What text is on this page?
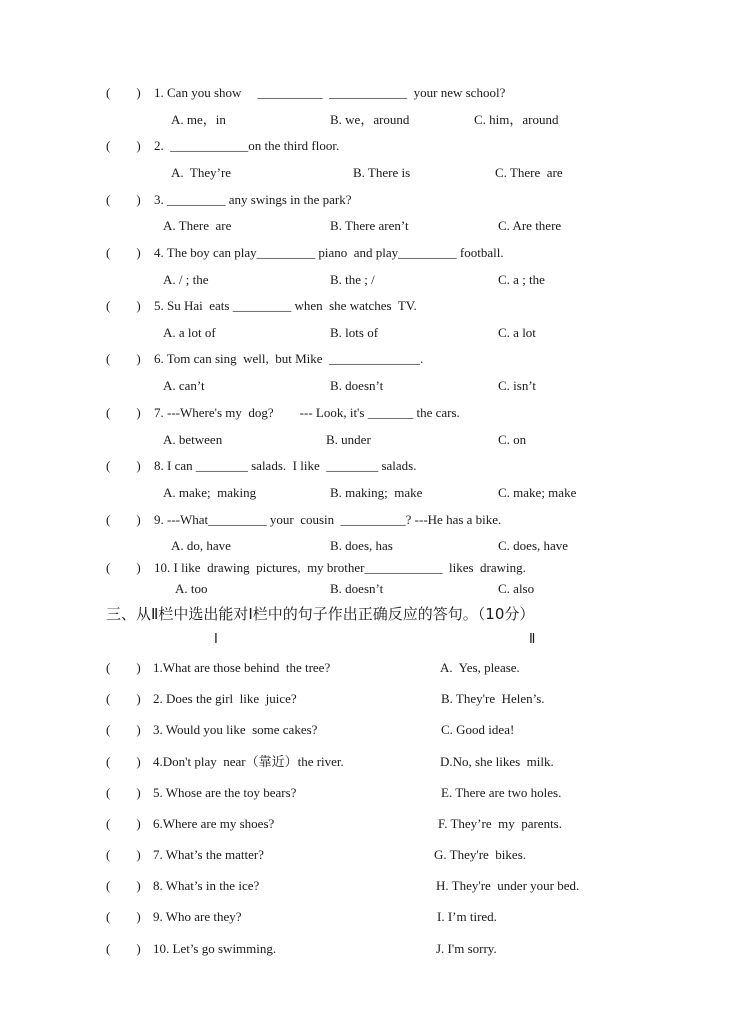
(        ) 1. Can you show     __________  ____________  your new school?
A. me，in	B. we，around	C. him，around
(        ) 2.  ____________on the third floor.
A.  They’re	B. There is	C. There  are
(        ) 3. _________ any swings in the park?
A. There  are	B. There aren’t	C. Are there
(        ) 4. The boy can play_________ piano  and play_________ football.
A. / ; the	B. the ; /	C. a ; the
(        ) 5. Su Hai  eats _________ when  she watches  TV.
A. a lot of	B. lots of	C. a lot
(        ) 6. Tom can sing  well,  but Mike  ______________.
A. can’t	B. doesn’t	C. isn’t
(        ) 7. ---Where's my  dog?        --- Look, it's _______ the cars.
A. between	B. under	C. on
(        ) 8. I can ________ salads.  I like  ________ salads.
A. make;  making	B. making;  make	C. make; make
(        ) 9. ---What_________ your  cousin  __________? ---He has a bike.
A. do, have	B. does, has	C. does, have
(        ) 10. I like  drawing  pictures,  my brother____________  likes  drawing.
A. too	B. doesn’t	C. also
三、从Ⅱ栏中选出能对Ⅰ栏中的句子作出正确反应的答句。（10分）
Ⅰ	Ⅱ
(        ) 1.What are those behind  the tree?	A.  Yes, please.
(        ) 2. Does the girl  like  juice?	B. They're  Helen’s.
(        ) 3. Would you like  some cakes?	C. Good idea!
(        ) 4.Don't play  near（靠近）the river.	D.No, she likes  milk.
(        ) 5. Whose are the toy bears?	E. There are two holes.
(        ) 6.Where are my shoes?	F. They’re  my  parents.
(        ) 7. What’s the matter?	G. They're  bikes.
(        ) 8. What’s in the ice?	H. They're  under your bed.
(        ) 9. Who are they?	I. I’m tired.
(        ) 10. Let’s go swimming.	J. I'm sorry.
